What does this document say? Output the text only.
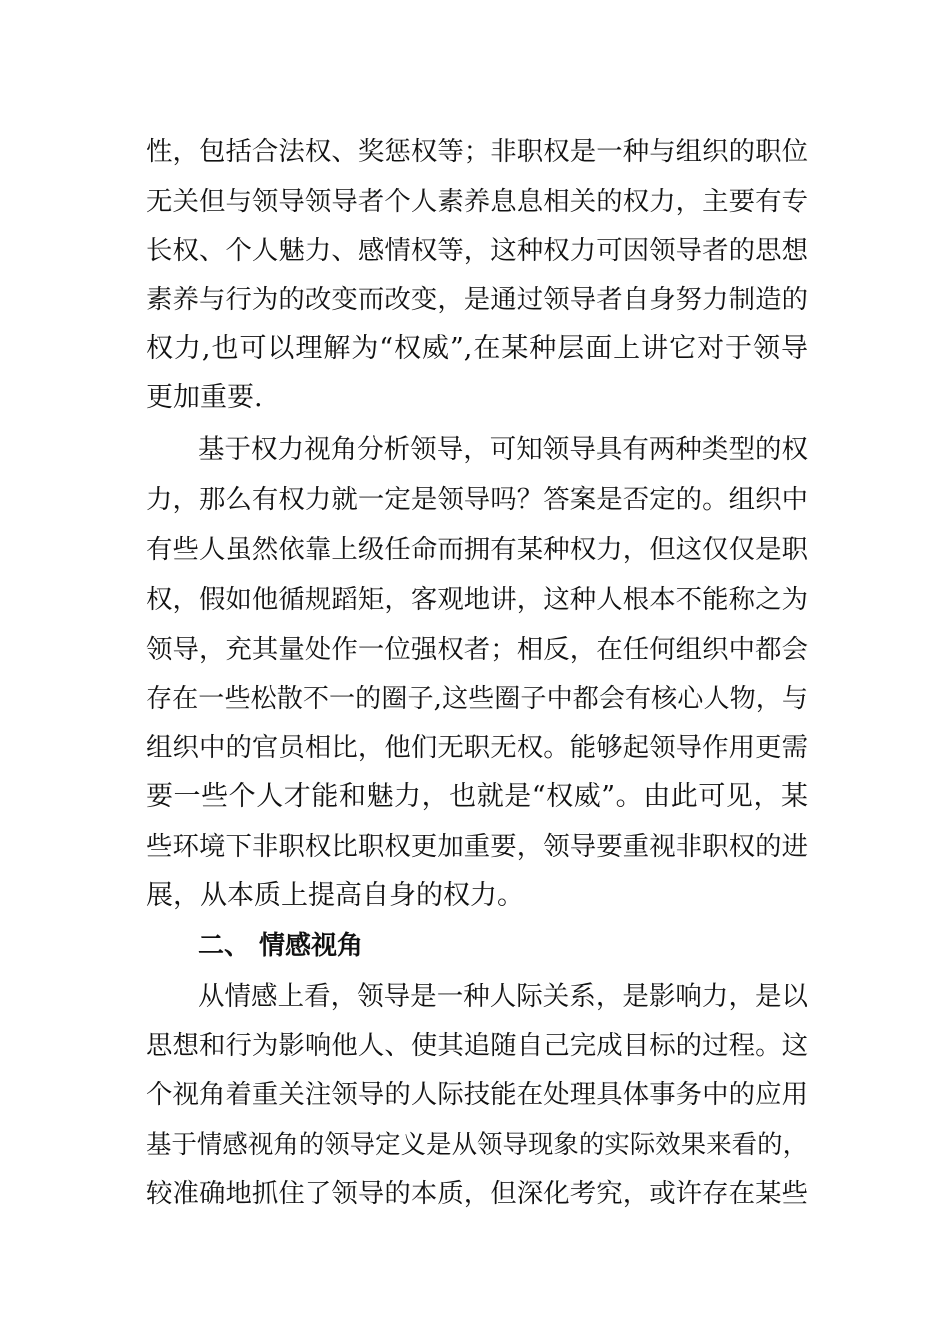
性，包括合法权、奖惩权等；非职权是一种与组织的职位
无关但与领导领导者个人素养息息相关的权力，主要有专
长权、个人魅力、感情权等，这种权力可因领导者的思想
素养与行为的改变而改变，是通过领导者自身努力制造的
权力,也可以理解为“权威”,在某种层面上讲它对于领导
更加重要.
基于权力视角分析领导，可知领导具有两种类型的权
力，那么有权力就一定是领导吗？答案是否定的。组织中
有些人虽然依靠上级任命而拥有某种权力，但这仅仅是职
权，假如他循规蹈矩，客观地讲，这种人根本不能称之为
领导，充其量处作一位强权者；相反，在任何组织中都会
存在一些松散不一的圈子,这些圈子中都会有核心人物，与
组织中的官员相比，他们无职无权。能够起领导作用更需
要一些个人才能和魅力，也就是“权威”。由此可见，某
些环境下非职权比职权更加重要，领导要重视非职权的进
展，从本质上提高自身的权力。
二、 情感视角
从情感上看，领导是一种人际关系，是影响力，是以
思想和行为影响他人、使其追随自己完成目标的过程。这
个视角着重关注领导的人际技能在处理具体事务中的应用
基于情感视角的领导定义是从领导现象的实际效果来看的，
较准确地抓住了领导的本质，但深化考究，或许存在某些
